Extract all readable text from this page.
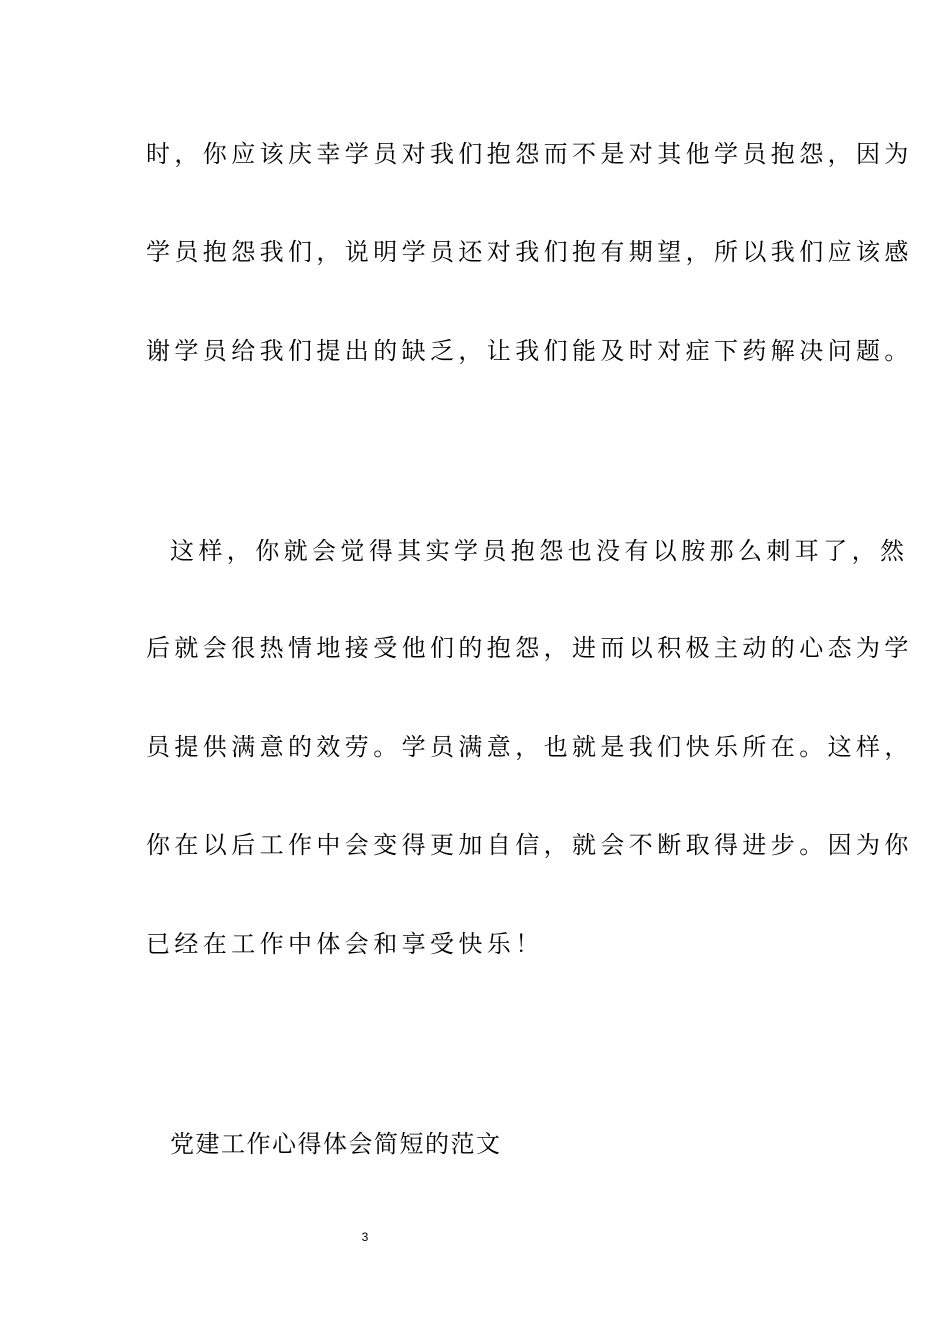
时，你应该庆幸学员对我们抱怨而不是对其他学员抱怨，因为
学员抱怨我们，说明学员还对我们抱有期望，所以我们应该感
谢学员给我们提出的缺乏，让我们能及时对症下药解决问题。
这样，你就会觉得其实学员抱怨也没有以胺那么刺耳了，然
后就会很热情地接受他们的抱怨，进而以积极主动的心态为学
员提供满意的效劳。学员满意，也就是我们快乐所在。这样，
你在以后工作中会变得更加自信，就会不断取得进步。因为你
已经在工作中体会和享受快乐！
党建工作心得体会简短的范文
3
